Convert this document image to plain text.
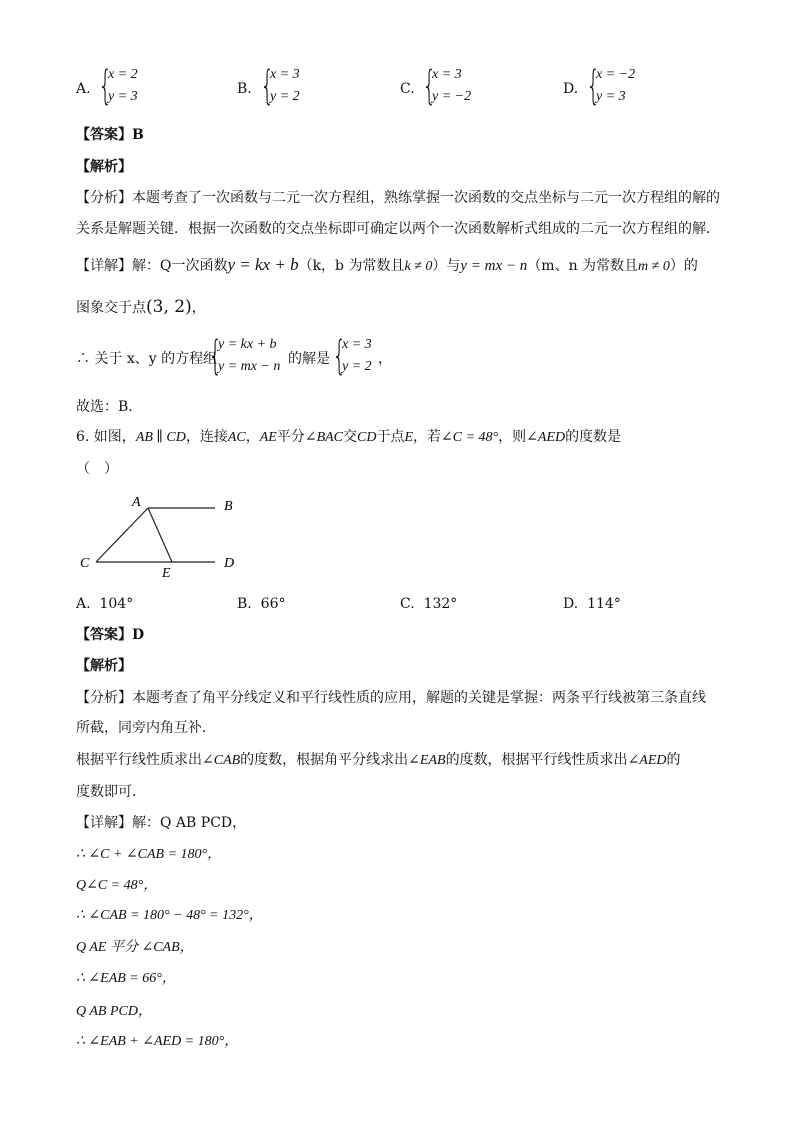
A. {
x = 2
y = 3	B. {
x = 3
y = 2	C. {
x = 3
y = −2	D. {
x = −2
y = 3
【答案】B
【解析】
【分析】本题考查了一次函数与二元一次方程组，熟练掌握一次函数的交点坐标与二元一次方程组的解的
关系是解题关键．根据一次函数的交点坐标即可确定以两个一次函数解析式组成的二元一次方程组的解．
【详解】解：Q一次函数y = kx + b（k，b 为常数且k ≠ 0）与y = mx − n（m、n 为常数且m ≠ 0）的
图象交于点(3, 2)，
∴ 关于 x、y 的方程组
{
y = kx + b
y = mx − n 的解是 {
x = 3
y = 2 ，
故选：B．
6. 如图，AB ∥ CD，连接AC，AE平分∠BAC交CD于点E，若∠C = 48°，则∠AED的度数是
（　）
A	B
C	D
E
A. 104°	B. 66°	C. 132°	D. 114°
【答案】D
【解析】
【分析】本题考查了角平分线定义和平行线性质的应用，解题的关键是掌握：两条平行线被第三条直线
所截，同旁内角互补．
根据平行线性质求出∠CAB的度数，根据角平分线求出∠EAB的度数，根据平行线性质求出∠AED的
度数即可．
【详解】解：Q AB PCD，
∴ ∠C + ∠CAB = 180°，
Q∠C = 48°，
∴ ∠CAB = 180° − 48° = 132°，
Q AE 平分 ∠CAB，
∴ ∠EAB = 66°，
Q AB PCD，
∴ ∠EAB + ∠AED = 180°，
